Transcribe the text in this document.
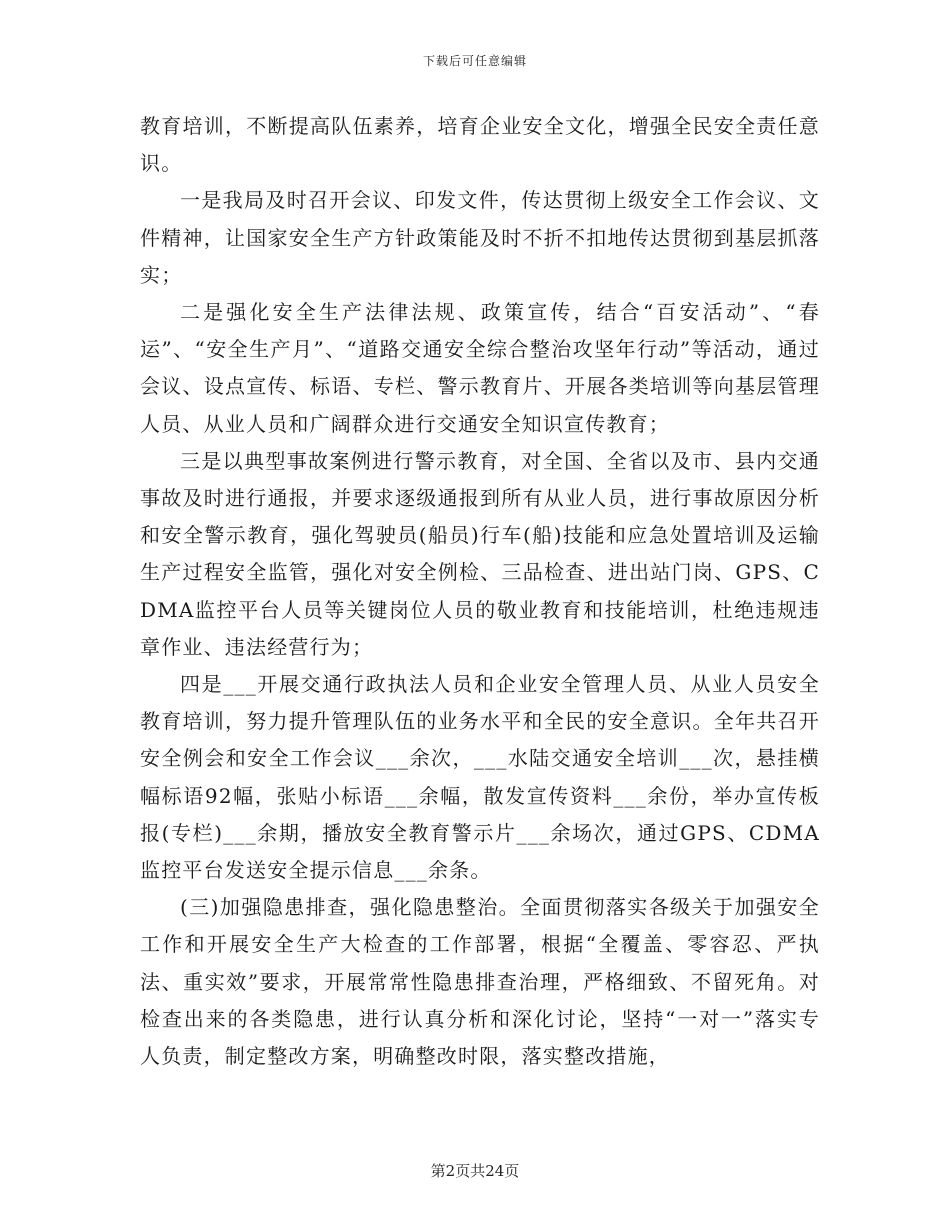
下载后可任意编辑

教育培训，不断提高队伍素养，培育企业安全文化，增强全民安全责任意识。

一是我局及时召开会议、印发文件，传达贯彻上级安全工作会议、文件精神，让国家安全生产方针政策能及时不折不扣地传达贯彻到基层抓落实；

二是强化安全生产法律法规、政策宣传，结合“百安活动”、“春运”、“安全生产月”、“道路交通安全综合整治攻坚年行动”等活动，通过会议、设点宣传、标语、专栏、警示教育片、开展各类培训等向基层管理人员、从业人员和广阔群众进行交通安全知识宣传教育；

三是以典型事故案例进行警示教育，对全国、全省以及市、县内交通事故及时进行通报，并要求逐级通报到所有从业人员，进行事故原因分析和安全警示教育，强化驾驶员(船员)行车(船)技能和应急处置培训及运输生产过程安全监管，强化对安全例检、三品检查、进出站门岗、GPS、CDMA监控平台人员等关键岗位人员的敬业教育和技能培训，杜绝违规违章作业、违法经营行为；

四是___开展交通行政执法人员和企业安全管理人员、从业人员安全教育培训，努力提升管理队伍的业务水平和全民的安全意识。全年共召开安全例会和安全工作会议___余次，___水陆交通安全培训___次，悬挂横幅标语92幅，张贴小标语___余幅，散发宣传资料___余份，举办宣传板报(专栏)___余期，播放安全教育警示片___余场次，通过GPS、CDMA监控平台发送安全提示信息___余条。

(三)加强隐患排查，强化隐患整治。全面贯彻落实各级关于加强安全工作和开展安全生产大检查的工作部署，根据“全覆盖、零容忍、严执法、重实效”要求，开展常常性隐患排查治理，严格细致、不留死角。对检查出来的各类隐患，进行认真分析和深化讨论，坚持“一对一”落实专人负责，制定整改方案，明确整改时限，落实整改措施，

第2页共24页
